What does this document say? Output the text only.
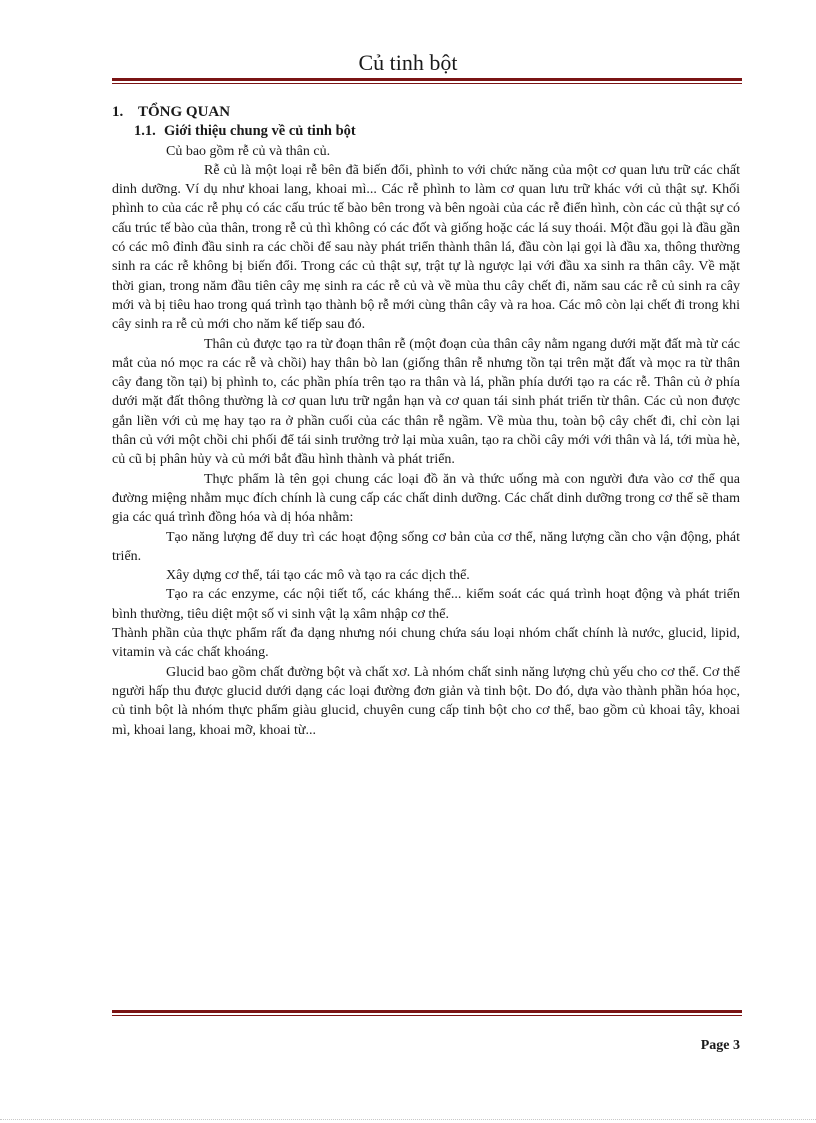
Củ tinh bột
1. TỔNG QUAN
1.1. Giới thiệu chung về củ tinh bột

Củ bao gồm rễ củ và thân củ.

Rễ củ là một loại rễ bên đã biến đổi, phình to với chức năng của một cơ quan lưu trữ các chất dinh dưỡng. Ví dụ như khoai lang, khoai mì... Các rễ phình to làm cơ quan lưu trữ khác với củ thật sự. Khối phình to của các rễ phụ có các cấu trúc tế bào bên trong và bên ngoài của các rễ điển hình, còn các củ thật sự có cấu trúc tế bào của thân, trong rễ củ thì không có các đốt và giống hoặc các lá suy thoái. Một đầu gọi là đầu gần có các mô đỉnh đầu sinh ra các chồi để sau này phát triển thành thân lá, đầu còn lại gọi là đầu xa, thông thường sinh ra các rễ không bị biến đổi. Trong các củ thật sự, trật tự là ngược lại với đầu xa sinh ra thân cây. Về mặt thời gian, trong năm đầu tiên cây mẹ sinh ra các rễ củ và về mùa thu cây chết đi, năm sau các rễ củ sinh ra cây mới và bị tiêu hao trong quá trình tạo thành bộ rễ mới cùng thân cây và ra hoa. Các mô còn lại chết đi trong khi cây sinh ra rễ củ mới cho năm kế tiếp sau đó.

Thân củ được tạo ra từ đoạn thân rễ (một đoạn của thân cây nằm ngang dưới mặt đất mà từ các mắt của nó mọc ra các rễ và chồi) hay thân bò lan (giống thân rễ nhưng tồn tại trên mặt đất và mọc ra từ thân cây đang tồn tại) bị phình to, các phần phía trên tạo ra thân và lá, phần phía dưới tạo ra các rễ. Thân củ ở phía dưới mặt đất thông thường là cơ quan lưu trữ ngắn hạn và cơ quan tái sinh phát triển từ thân. Các củ non được gắn liền với củ mẹ hay tạo ra ở phần cuối của các thân rễ ngầm. Về mùa thu, toàn bộ cây chết đi, chỉ còn lại thân củ với một chồi chi phối để tái sinh trưởng trở lại mùa xuân, tạo ra chồi cây mới với thân và lá, tới mùa hè, củ cũ bị phân hủy và củ mới bắt đầu hình thành và phát triển.

Thực phẩm là tên gọi chung các loại đồ ăn và thức uống mà con người đưa vào cơ thể qua đường miệng nhằm mục đích chính là cung cấp các chất dinh dưỡng. Các chất dinh dưỡng trong cơ thể sẽ tham gia các quá trình đồng hóa và dị hóa nhằm:

Tạo năng lượng để duy trì các hoạt động sống cơ bản của cơ thể, năng lượng cần cho vận động, phát triển.

Xây dựng cơ thể, tái tạo các mô và tạo ra các dịch thể.

Tạo ra các enzyme, các nội tiết tố, các kháng thể... kiểm soát các quá trình hoạt động và phát triển bình thường, tiêu diệt một số vi sinh vật lạ xâm nhập cơ thể.

Thành phần của thực phẩm rất đa dạng nhưng nói chung chứa sáu loại nhóm chất chính là nước, glucid, lipid, vitamin và các chất khoáng.

Glucid bao gồm chất đường bột và chất xơ. Là nhóm chất sinh năng lượng chủ yếu cho cơ thể. Cơ thể người hấp thu được glucid dưới dạng các loại đường đơn giản và tinh bột. Do đó, dựa vào thành phần hóa học, củ tinh bột là nhóm thực phẩm giàu glucid, chuyên cung cấp tinh bột cho cơ thể, bao gồm củ khoai tây, khoai mì, khoai lang, khoai mỡ, khoai từ...

Page 3
